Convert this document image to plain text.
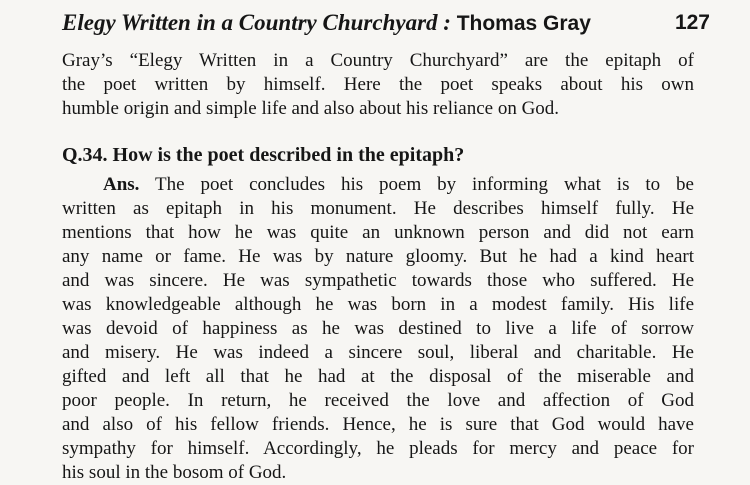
Elegy Written in a Country Churchyard : Thomas Gray	127

Gray’s “Elegy Written in a Country Churchyard” are the epitaph of
the poet written by himself. Here the poet speaks about his own
humble origin and simple life and also about his reliance on God.

Q.34. How is the poet described in the epitaph?

Ans. The poet concludes his poem by informing what is to be
written as epitaph in his monument. He describes himself fully. He
mentions that how he was quite an unknown person and did not earn
any name or fame. He was by nature gloomy. But he had a kind heart
and was sincere. He was sympathetic towards those who suffered. He
was knowledgeable although he was born in a modest family. His life
was devoid of happiness as he was destined to live a life of sorrow
and misery. He was indeed a sincere soul, liberal and charitable. He
gifted and left all that he had at the disposal of the miserable and
poor people. In return, he received the love and affection of God
and also of his fellow friends. Hence, he is sure that God would have
sympathy for himself. Accordingly, he pleads for mercy and peace for
his soul in the bosom of God.
